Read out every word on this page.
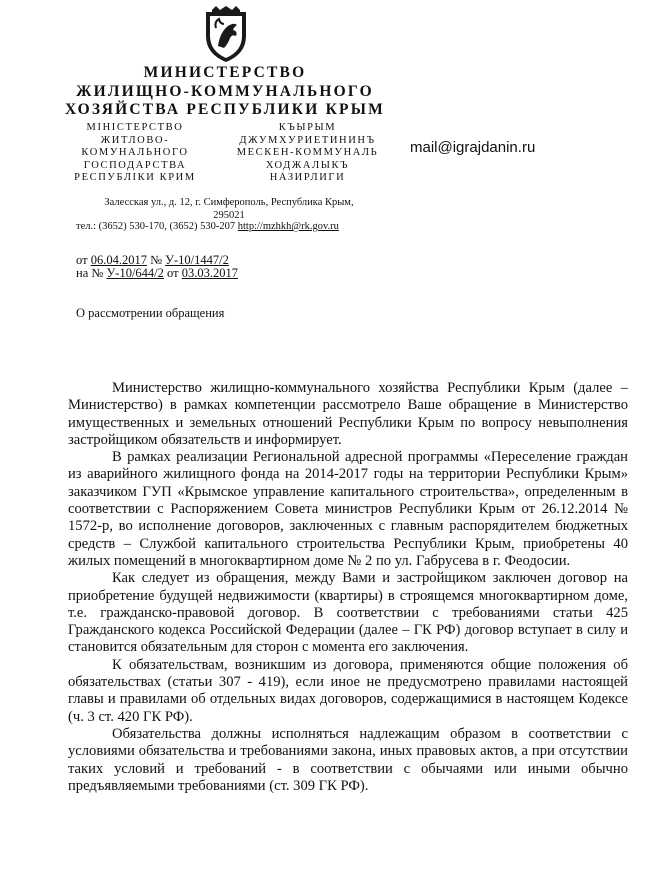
МИНИСТЕРСТВО
ЖИЛИЩНО-КОММУНАЛЬНОГО
ХОЗЯЙСТВА РЕСПУБЛИКИ КРЫМ
МІНІСТЕРСТВО
ЖИТЛОВО-
КОМУНАЛЬНОГО
ГОСПОДАРСТВА
РЕСПУБЛІКИ КРИМ
КЪЫРЫМ
ДЖУМХУРИЕТИНИНЪ
МЕСКЕН-КОММУНАЛЬ
ХОДЖАЛЫКЪ
НАЗИРЛИГИ
mail@igrajdanin.ru
Залесская ул., д. 12, г. Симферополь, Республика Крым,
295021
тел.: (3652) 530-170, (3652) 530-207 http://mzhkh@rk.gov.ru
от 06.04.2017 № У-10/1447/2
на № У-10/644/2 от 03.03.2017
О рассмотрении обращения

Министерство жилищно-коммунального хозяйства Республики Крым (далее – Министерство) в рамках компетенции рассмотрело Ваше обращение в Министерство имущественных и земельных отношений Республики Крым по вопросу невыполнения застройщиком обязательств и информирует.

В рамках реализации Региональной адресной программы «Переселение граждан из аварийного жилищного фонда на 2014-2017 годы на территории Республики Крым» заказчиком ГУП «Крымское управление капитального строительства», определенным в соответствии с Распоряжением Совета министров Республики Крым от 26.12.2014 № 1572-р, во исполнение договоров, заключенных с главным распорядителем бюджетных средств – Службой капитального строительства Республики Крым, приобретены 40 жилых помещений в многоквартирном доме № 2 по ул. Габрусева в г. Феодосии.

Как следует из обращения, между Вами и застройщиком заключен договор на приобретение будущей недвижимости (квартиры) в строящемся многоквартирном доме, т.е. гражданско-правовой договор. В соответствии с требованиями статьи 425 Гражданского кодекса Российской Федерации (далее – ГК РФ) договор вступает в силу и становится обязательным для сторон с момента его заключения.

К обязательствам, возникшим из договора, применяются общие положения об обязательствах (статьи 307 - 419), если иное не предусмотрено правилами настоящей главы и правилами об отдельных видах договоров, содержащимися в настоящем Кодексе (ч. 3 ст. 420 ГК РФ).

Обязательства должны исполняться надлежащим образом в соответствии с условиями обязательства и требованиями закона, иных правовых актов, а при отсутствии таких условий и требований - в соответствии с обычаями или иными обычно предъявляемыми требованиями (ст. 309 ГК РФ).
